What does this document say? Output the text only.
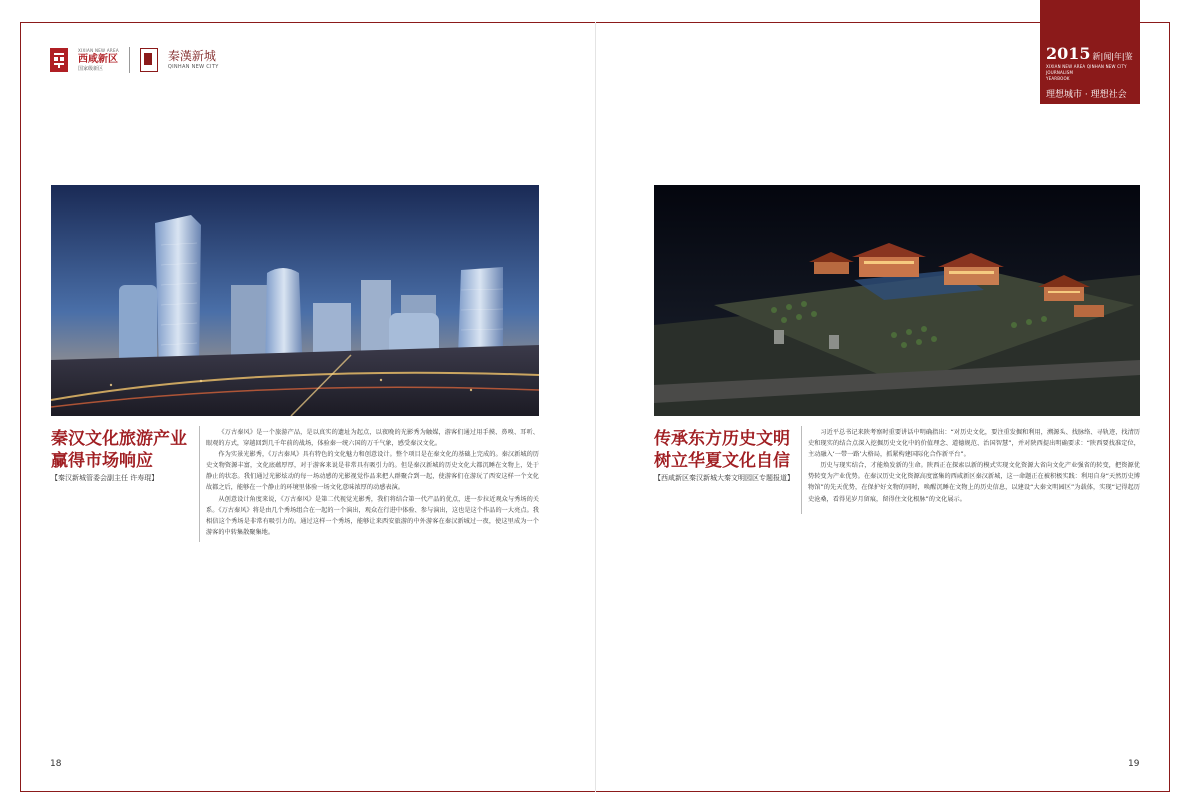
XIXIAN NEW AREA
西咸新区
国家级新区
秦漢新城
QINHAN NEW CITY
2015 新|闻|年|鉴
XIXIAN NEW AREA QINHAN NEW CITY
JOURNALISM
YEARBOOK
理想城市 · 理想社会
秦汉文化旅游产业
赢得市场响应
【秦汉新城管委会副主任 许寿琨】

《万古秦风》是一个旅游产品，是以真实的遗址为起点，以夜晚的光影秀为触媒，游客们通过用手摸、鼻嗅、耳听、眼观的方式，穿越回到几千年前的战场，体验秦一统六国的万千气象，感受秦汉文化。

作为实景光影秀，《万古秦风》具有特色的文化魅力和创意设计。整个项目是在秦文化的基础上完成的。秦汉新城的历史文物资源丰富，文化底蕴厚厚，对于游客来说是非常具有吸引力的。但是秦汉新城的历史文化大都沉睡在文物上，处于静止的状态。我们通过光影炫动的每一场动感的光影视觉作品来把人群聚合到一起，使游客们在游玩了西安这样一个文化故都之后，能够在一个静止的环境里体验一场文化意味浓厚的动感表演。

从创意设计角度来说，《万古秦风》是第二代视觉光影秀，我们将结合第一代产品的优点，进一步拉近观众与秀场的关系。《万古秦风》将是由几个秀场组合在一起的一个演出，观众在行进中体验、参与演出，这也是这个作品的一大亮点。我相信这个秀场是非常有吸引力的。通过这样一个秀场，能够让来西安旅游的中外游客在秦汉新城过一夜，使这里成为一个游客的中转集散聚集地。

传承东方历史文明
树立华夏文化自信
【西咸新区秦汉新城大秦文明园区专题报道】

习近平总书记来陕考察时重要讲话中明确指出：“对历史文化，要注重发掘和利用，溯源头、找脉络、寻轨迹，找清历史和现实的结合点深入挖掘历史文化中的价值理念、道德规范、治国智慧”，并对陕西提出明确要求：“陕西要找准定位，主动融入‘一带一路’大格局，抓紧构建国际化合作新平台”。

历史与现实结合，才能焕发新的生命。陕西正在探索以新的模式实现文化资源大省向文化产业强省的转变，把资源优势转变为产业优势。在秦汉历史文化资源高度富集的西咸新区秦汉新城，这一命题正在被积极实践：利用自身“天然历史博物馆”的先天优势，在保护好文物的同时，唤醒沉睡在文物上的历史信息，以建设“大秦文明园区”为载体，实现“记得起历史沧桑，看得见岁月留痕，留得住文化根脉”的文化展示。

18	19
